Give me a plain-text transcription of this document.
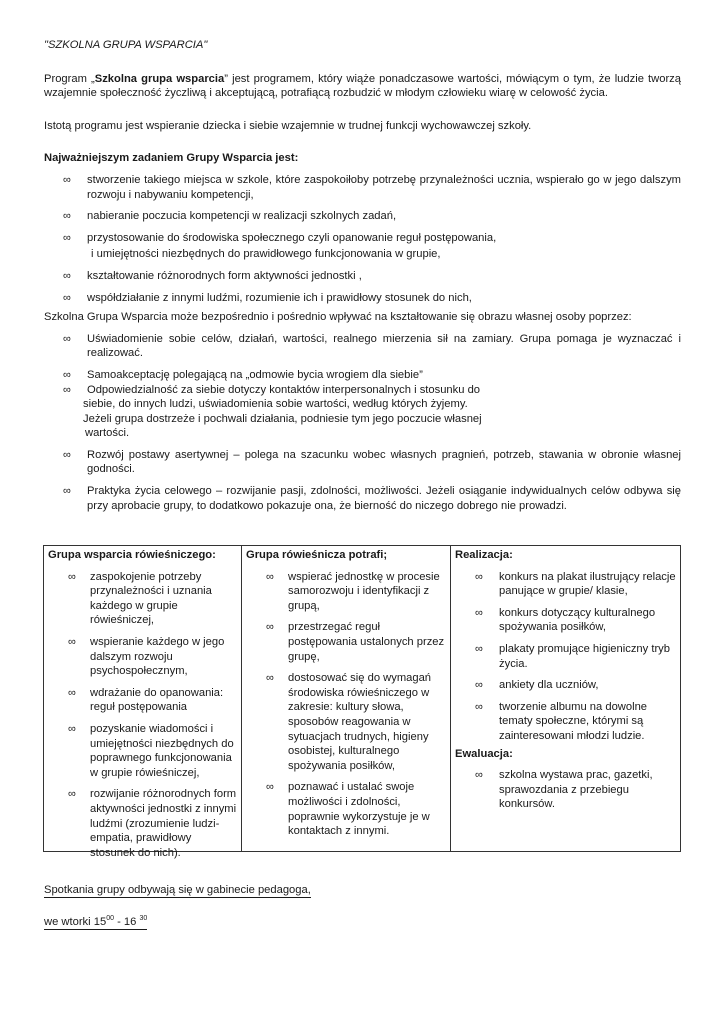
"SZKOLNA GRUPA WSPARCIA"

Program „Szkolna grupa wsparcia” jest programem, który wiąże ponadczasowe wartości, mówiącym o tym, że ludzie tworzą wzajemnie społeczność życzliwą i akceptującą, potrafiącą rozbudzić w młodym człowieku wiarę w celowość życia.

Istotą programu jest wspieranie dziecka i siebie wzajemnie w trudnej funkcji wychowawczej szkoły.

Najważniejszym zadaniem Grupy Wsparcia jest:
∞ stworzenie takiego miejsca w szkole, które zaspokoiłoby potrzebę przynależności ucznia, wspierało go w jego dalszym rozwoju i nabywaniu kompetencji,
∞ nabieranie poczucia kompetencji w realizacji szkolnych zadań,
∞ przystosowanie do środowiska społecznego czyli opanowanie reguł postępowania,
i umiejętności niezbędnych do prawidłowego funkcjonowania w grupie,
∞ kształtowanie różnorodnych form aktywności jednostki ,
∞ współdziałanie z innymi ludźmi, rozumienie ich i prawidłowy stosunek do nich,
Szkolna Grupa Wsparcia może bezpośrednio i pośrednio wpływać na kształtowanie się obrazu własnej osoby poprzez:
∞ Uświadomienie sobie celów, działań, wartości, realnego mierzenia sił na zamiary. Grupa pomaga je wyznaczać i realizować.
∞ Samoakceptację polegającą na „odmowie bycia wrogiem dla siebie”
∞ Odpowiedzialność za siebie dotyczy kontaktów interpersonalnych i stosunku do
siebie, do innych ludzi, uświadomienia sobie wartości, według których żyjemy.
Jeżeli grupa dostrzeże i pochwali działania, podniesie tym jego poczucie własnej
wartości.
∞ Rozwój postawy asertywnej – polega na szacunku wobec własnych pragnień, potrzeb, stawania w obronie własnej godności.
∞ Praktyka życia celowego – rozwijanie pasji, zdolności, możliwości. Jeżeli osiąganie indywidualnych celów odbywa się przy aprobacie grupy, to dodatkowo pokazuje ona, że bierność do niczego dobrego nie prowadzi.
Grupa wsparcia rówieśniczego:
∞ zaspokojenie potrzeby przynależności i uznania każdego w grupie rówieśniczej,
∞ wspieranie każdego w jego dalszym rozwoju psychospołecznym,
∞ wdrażanie do opanowania: reguł postępowania
∞ pozyskanie wiadomości i umiejętności niezbędnych do poprawnego funkcjonowania w grupie rówieśniczej,
∞ rozwijanie różnorodnych form aktywności jednostki z innymi ludźmi (zrozumienie ludzi- empatia, prawidłowy stosunek do nich).
Grupa rówieśnicza potrafi;
∞ wspierać jednostkę w procesie samorozwoju i identyfikacji z grupą,
∞ przestrzegać reguł postępowania ustalonych przez grupę,
∞ dostosować się do wymagań środowiska rówieśniczego w zakresie: kultury słowa, sposobów reagowania w sytuacjach trudnych, higieny osobistej, kulturalnego spożywania posiłków,
∞ poznawać i ustalać swoje możliwości i zdolności, poprawnie wykorzystuje je w kontaktach z innymi.
Realizacja:
∞ konkurs na plakat ilustrujący relacje panujące w grupie/ klasie,
∞ konkurs dotyczący kulturalnego spożywania posiłków,
∞ plakaty promujące higieniczny tryb życia.
∞ ankiety dla uczniów,
∞ tworzenie albumu na dowolne tematy społeczne, którymi są zainteresowani młodzi ludzie.
Ewaluacja:
∞ szkolna wystawa prac, gazetki, sprawozdania z przebiegu konkursów.
Spotkania grupy odbywają się w gabinecie pedagoga,
we wtorki $15^{00} - 16$ $^{30}$
